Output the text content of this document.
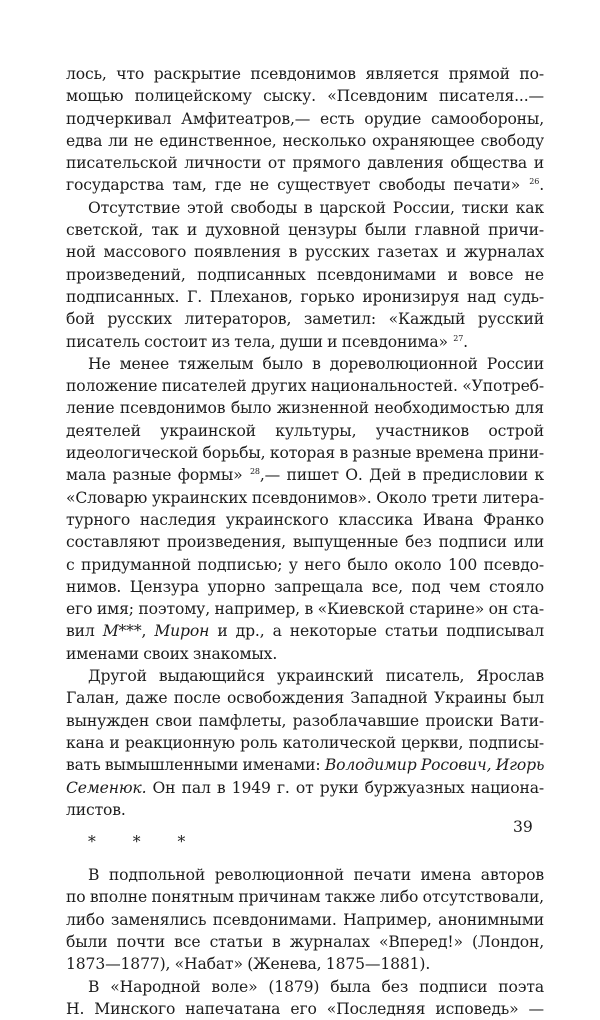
лось, что раскрытие псевдонимов является прямой по-
мощью полицейскому сыску. «Псевдоним писателя...—
подчеркивал Амфитеатров,— есть орудие самообороны,
едва ли не единственное, несколько охраняющее свободу
писательской личности от прямого давления общества и
государства там, где не существует свободы печати» $^{26}$.
Отсутствие этой свободы в царской России, тиски как
светской, так и духовной цензуры были главной причи-
ной массового появления в русских газетах и журналах
произведений, подписанных псевдонимами и вовсе не
подписанных. Г. Плеханов, горько иронизируя над судь-
бой русских литераторов, заметил: «Каждый русский
писатель состоит из тела, души и псевдонима» $^{27}$.
Не менее тяжелым было в дореволюционной России
положение писателей других национальностей. «Употреб-
ление псевдонимов было жизненной необходимостью для
деятелей украинской культуры, участников острой
идеологической борьбы, которая в разные времена прини-
мала разные формы» $^{28}$,— пишет О. Дей в предисловии к
«Словарю украинских псевдонимов». Около трети литера-
турного наследия украинского классика Ивана Франко
составляют произведения, выпущенные без подписи или
с придуманной подписью; у него было около 100 псевдо-
нимов. Цензура упорно запрещала все, под чем стояло
его имя; поэтому, например, в «Киевской старине» он ста-
вил М***, Мирон и др., а некоторые статьи подписывал
именами своих знакомых.
Другой выдающийся украинский писатель, Ярослав
Галан, даже после освобождения Западной Украины был
вынужден свои памфлеты, разоблачавшие происки Вати-
кана и реакционную роль католической церкви, подписы-
вать вымышленными именами: Володимир Росович, Игорь
Семенюк. Он пал в 1949 г. от руки буржуазных национа-
листов.
* * *
В подпольной революционной печати имена авторов
по вполне понятным причинам также либо отсутствовали,
либо заменялись псевдонимами. Например, анонимными
были почти все статьи в журналах «Вперед!» (Лондон,
1873—1877), «Набат» (Женева, 1875—1881).
В «Народной воле» (1879) была без подписи поэта
Н. Минского напечатана его «Последняя исповедь» —
39
